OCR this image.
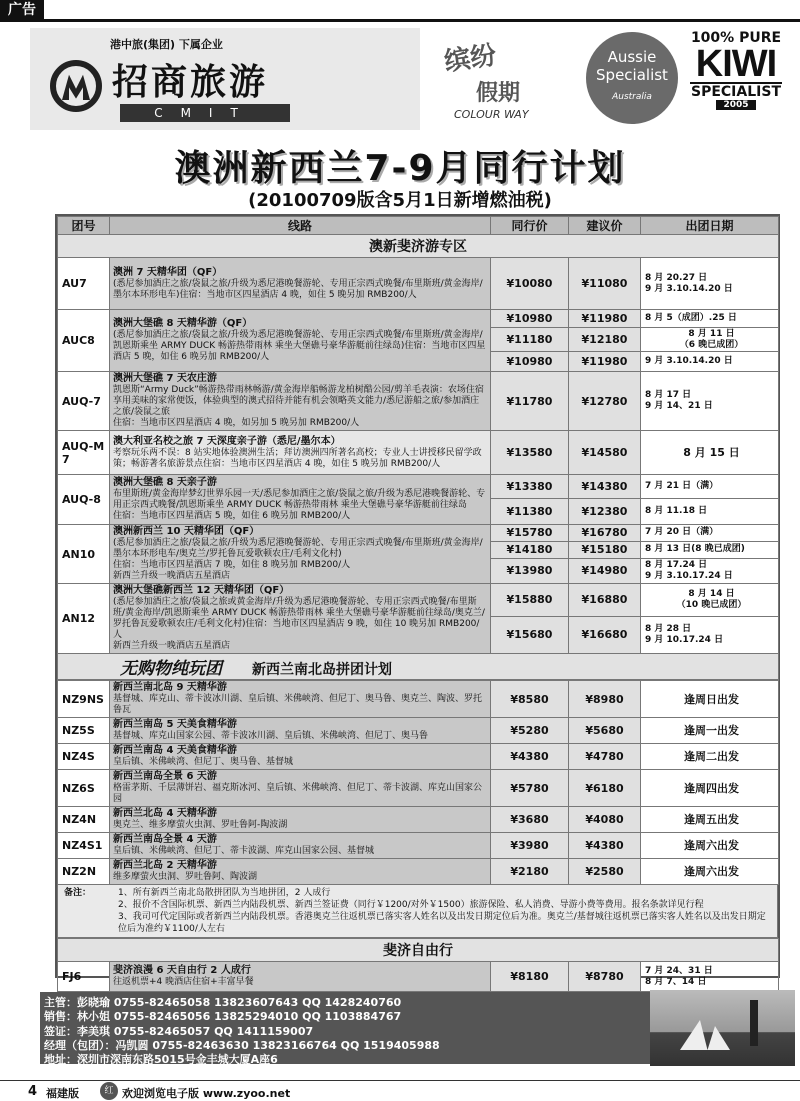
广告
港中旅(集团) 下属企业
招商旅游
CMIT
缤纷
假期
COLOUR WAY
Aussie
Specialist
Australia
100% PURE
KIWI
SPECIALIST
2005
澳洲新西兰7-9月同行计划
(20100709版含5月1日新增燃油税)
团号	线路	同行价	建议价	出团日期
澳新斐济游专区				
AU7	澳洲 7 天精华团（QF）
(悉尼参加酒庄之旅/袋鼠之旅/升级为悉尼港晚餐游轮、专用正宗西式晚餐/布里斯班/黄金海岸/墨尔本环形电车)住宿：当地市区四星酒店 4 晚，如住 5 晚另加 RMB200/人	¥10080	¥11080	8 月 20.27 日
9 月 3.10.14.20 日
AUC8	澳洲大堡礁 8 天精华游（QF）
(悉尼参加酒庄之旅/袋鼠之旅/升级为悉尼港晚餐游轮、专用正宗西式晚餐/布里斯班/黄金海岸/凯恩斯乘坐 ARMY DUCK 畅游热带雨林 乘坐大堡礁号豪华游艇前往绿岛)住宿：当地市区四星酒店 5 晚，如住 6 晚另加 RMB200/人	¥10980	¥11980	8 月 5（成团）.25 日
		¥11180	¥12180	8 月 11 日
（6 晚已成团）
		¥10980	¥11980	9 月 3.10.14.20 日
AUQ-7	澳洲大堡礁 7 天农庄游
凯恩斯“Army Duck”畅游热带雨林畅游/黄金海岸船畅游龙柏树酷公园/剪羊毛表演：农场住宿享用美味的家常便饭，体验典型的澳式招待并能有机会领略英文能力/悉尼游船之旅/参加酒庄之旅/袋鼠之旅
住宿：当地市区四星酒店 4 晚，如另加 5 晚另加 RMB200/人	¥11780	¥12780	8 月 17 日
9 月 14、21 日
AUQ-M 7	澳大利亚名校之旅 7 天深度亲子游（悉尼/墨尔本）
考察玩乐两不误：8 站实地体验澳洲生活；拜访澳洲四所著名高校；专业人士讲授移民留学政策；畅游著名旅游景点住宿：当地市区四星酒店 4 晚，如住 5 晚另加 RMB200/人	¥13580	¥14580	8 月 15 日
AUQ-8	澳洲大堡礁 8 天亲子游
布里斯班/黄金海岸梦幻世界乐园一天/悉尼参加酒庄之旅/袋鼠之旅/升级为悉尼港晚餐游轮、专用正宗西式晚餐/凯恩斯乘坐 ARMY DUCK 畅游热带雨林 乘坐大堡礁号豪华游艇前往绿岛
住宿：当地市区四星酒店 5 晚，如住 6 晚另加 RMB200/人	¥13380	¥14380	7 月 21 日（满）
		¥11380	¥12380	8 月 11.18 日
AN10	澳洲新西兰 10 天精华团（QF）
(悉尼参加酒庄之旅/袋鼠之旅/升级为悉尼港晚餐游轮、专用正宗西式晚餐/布里斯班/黄金海岸/墨尔本环形电车/奥克兰/罗托鲁瓦爱歌顿农庄/毛利文化村)
住宿：当地市区四星酒店 7 晚，如住 8 晚另加 RMB200/人
新西兰升级一晚酒店五星酒店	¥15780	¥16780	7 月 20 日（满）
		¥14180	¥15180	8 月 13 日(8 晚已成团)
		¥13980	¥14980	8 月 17.24 日
9 月 3.10.17.24 日
AN12	澳洲大堡礁新西兰 12 天精华团（QF）
(悉尼参加酒庄之旅/袋鼠之旅或黄金海岸/升级为悉尼港晚餐游轮、专用正宗西式晚餐/布里斯班/黄金海岸/凯恩斯乘坐 ARMY DUCK 畅游热带雨林 乘坐大堡礁号豪华游艇前往绿岛/奥克兰/罗托鲁瓦爱歌顿农庄/毛利文化村)住宿：当地市区四星酒店 9 晚，如住 10 晚另加 RMB200/人
新西兰升级一晚酒店五星酒店	¥15880	¥16880	8 月 14 日
（10 晚已成团）
		¥15680	¥16680	8 月 28 日
9 月 10.17.24 日
无购物纯玩团 新西兰南北岛拼团计划				
NZ9NS	新西兰南北岛 9 天精华游
基督城、库克山、蒂卡波冰川湖、皇后镇、米佛峡湾、但尼丁、奥马鲁、奥克兰、陶波、罗托鲁瓦	¥8580	¥8980	逢周日出发
NZ5S	新西兰南岛 5 天美食精华游
基督城、库克山国家公园、蒂卡波冰川湖、皇后镇、米佛峡湾、但尼丁、奥马鲁	¥5280	¥5680	逢周一出发
NZ4S	新西兰南岛 4 天美食精华游
皇后镇、米佛峡湾、但尼丁、奥马鲁、基督城	¥4380	¥4780	逢周二出发
NZ6S	新西兰南岛全景 6 天游
格雷茅斯、千层薄饼岩、福克斯冰河、皇后镇、米佛峡湾、但尼丁、蒂卡波湖、库克山国家公园	¥5780	¥6180	逢周四出发
NZ4N	新西兰北岛 4 天精华游
奥克兰、维多摩萤火虫洞、罗吐鲁阿-陶波湖	¥3680	¥4080	逢周五出发
NZ4S1	新西兰南岛全景 4 天游
皇后镇、米佛峡湾、但尼丁、蒂卡波湖、库克山国家公园、基督城	¥3980	¥4380	逢周六出发
NZ2N	新西兰北岛 2 天精华游
维多摩萤火虫洞、罗吐鲁阿、陶波湖	¥2180	¥2580	逢周六出发
备注：	1、所有新西兰南北岛散拼团队为当地拼团，2 人成行
2、报价不含国际机票、新西兰内陆段机票、新西兰签证费（同行￥1200/对外￥1500）旅游保险、私人消费、导游小费等费用。报名条款详见行程
3、我司可代定国际或者新西兰内陆段机票。香港奥克兰往返机票已落实客人姓名以及出发日期定位后为准。奥克兰/基督城往返机票已落实客人姓名以及出发日期定位后为准约￥1100/人左右
斐济自由行
FJ6	斐济浪漫 6 天自由行 2 人成行
往返机票+4 晚酒店住宿+丰富早餐	¥8180	¥8780	7 月 24、31 日
8 月 7、14 日
主管：彭晓瑜 0755-82465058 13823607643 QQ 1428240760
销售：林小姐 0755-82465056 13825294010 QQ 1103884767
签证：李美琪 0755-82465057 QQ 1411159007
经理（包团）：冯凯圆 0755-82463630 13823166764 QQ 1519405988
地址：深圳市深南东路5015号金丰城大厦A座6
4 福建版	红 欢迎浏览电子版 www.zyoo.net
